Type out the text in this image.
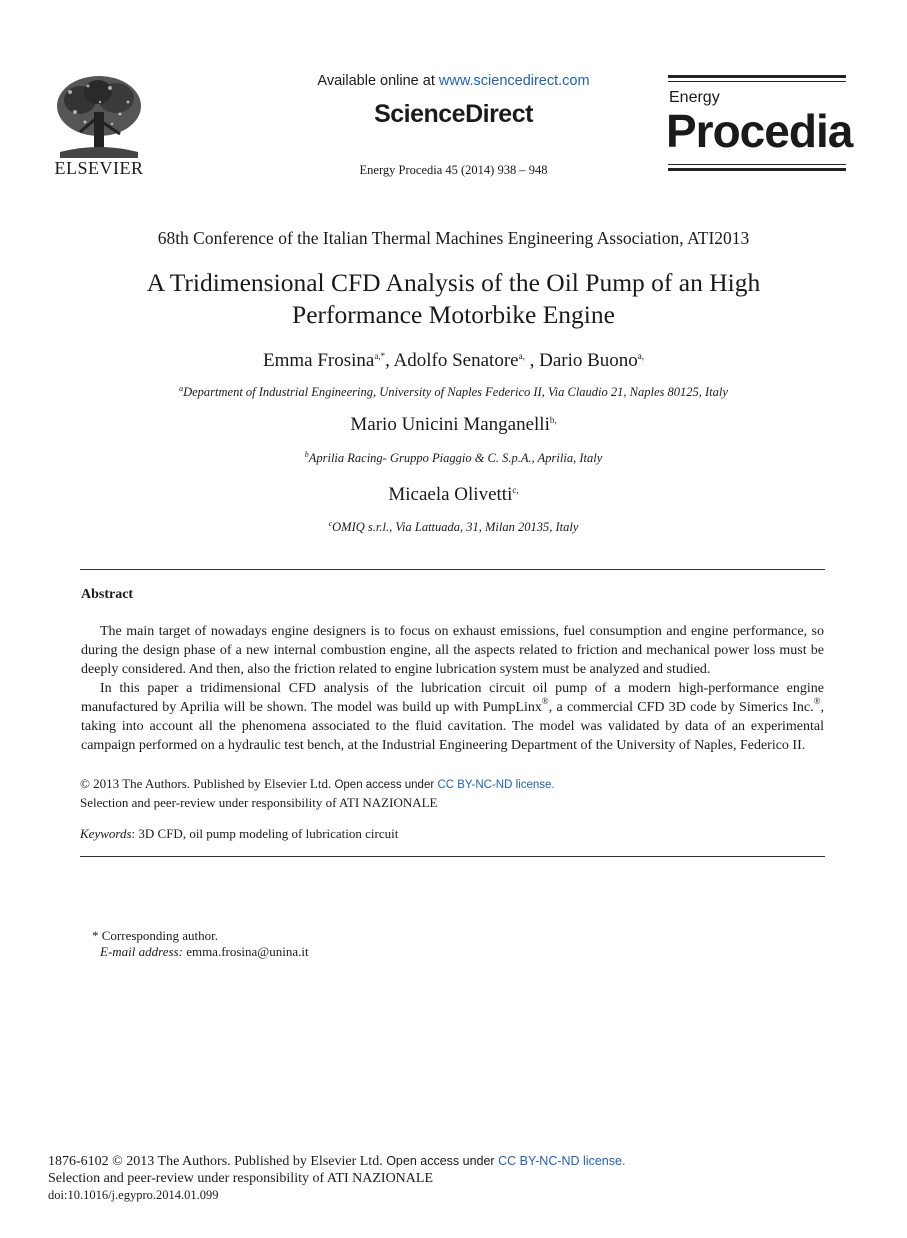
ELSEVIER
Available online at www.sciencedirect.com
ScienceDirect
Energy Procedia 45 (2014) 938 – 948
Energy
Procedia
68th Conference of the Italian Thermal Machines Engineering Association, ATI2013
A Tridimensional CFD Analysis of the Oil Pump of an High
Performance Motorbike Engine
Emma Frosina$^{a,*}$, Adolfo Senatore$^{a,}$ , Dario Buono$^{a,}$
$^a$Department of Industrial Engineering, University of Naples Federico II, Via Claudio 21, Naples 80125, Italy
Mario Unicini Manganelli$^{b,}$
$^b$Aprilia Racing- Gruppo Piaggio & C. S.p.A., Aprilia, Italy
Micaela Olivetti$^{c,}$
$^c$OMIQ s.r.l., Via Lattuada, 31, Milan 20135, Italy
Abstract
The main target of nowadays engine designers is to focus on exhaust emissions, fuel consumption and engine performance, so during the design phase of a new internal combustion engine, all the aspects related to friction and mechanical power loss must be deeply considered. And then, also the friction related to engine lubrication system must be analyzed and studied.
In this paper a tridimensional CFD analysis of the lubrication circuit oil pump of a modern high-performance engine manufactured by Aprilia will be shown. The model was build up with PumpLinx®, a commercial CFD 3D code by Simerics Inc.®, taking into account all the phenomena associated to the fluid cavitation. The model was validated by data of an experimental campaign performed on a hydraulic test bench, at the Industrial Engineering Department of the University of Naples, Federico II.
© 2013 The Authors. Published by Elsevier Ltd. Open access under CC BY-NC-ND license.
Selection and peer-review under responsibility of ATI NAZIONALE
Keywords: 3D CFD, oil pump modeling of lubrication circuit
* Corresponding author.
E-mail address: emma.frosina@unina.it
1876-6102 © 2013 The Authors. Published by Elsevier Ltd. Open access under CC BY-NC-ND license.
Selection and peer-review under responsibility of ATI NAZIONALE
doi:10.1016/j.egypro.2014.01.099
